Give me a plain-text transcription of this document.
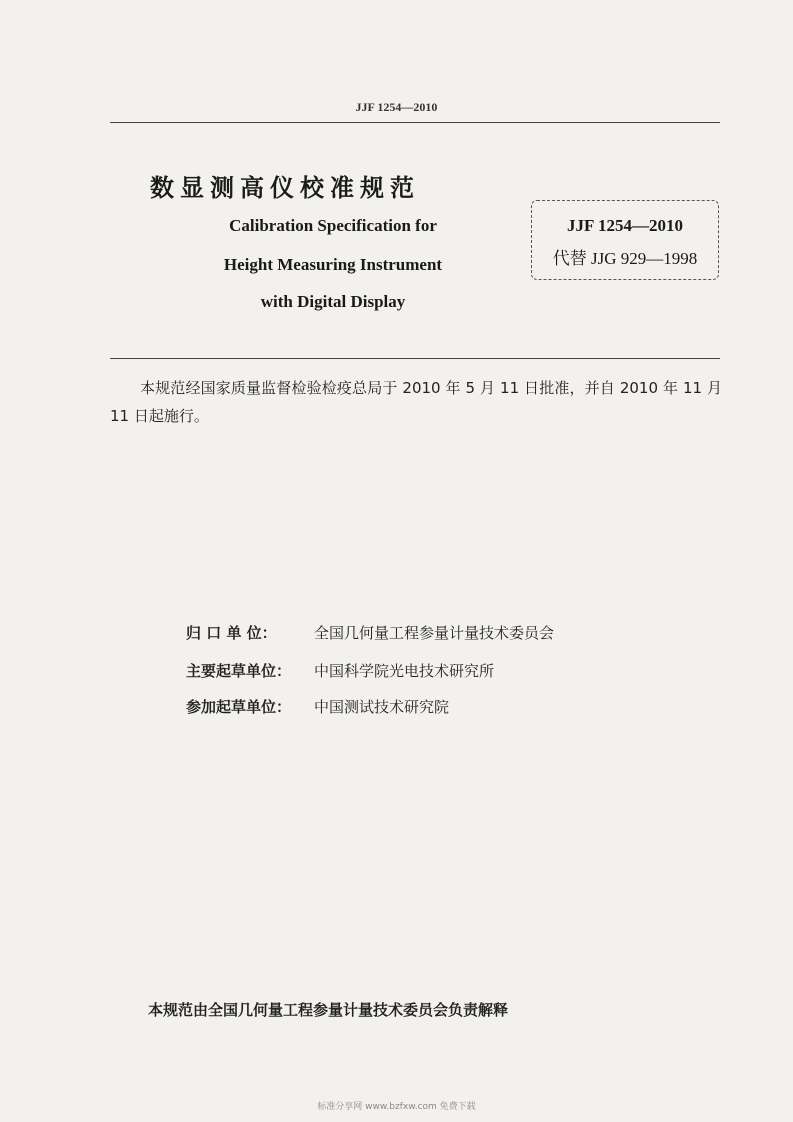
JJF 1254—2010
数显测高仪校准规范
Calibration Specification for
Height Measuring Instrument
with Digital Display
JJF 1254—2010
代替 JJG 929—1998
本规范经国家质量监督检验检疫总局于 2010 年 5 月 11 日批准，并自 2010 年 11 月 11 日起施行。
归 口 单 位： 全国几何量工程参量计量技术委员会
主要起草单位： 中国科学院光电技术研究所
参加起草单位： 中国测试技术研究院
本规范由全国几何量工程参量计量技术委员会负责解释
标准分享网 www.bzfxw.com 免费下载
